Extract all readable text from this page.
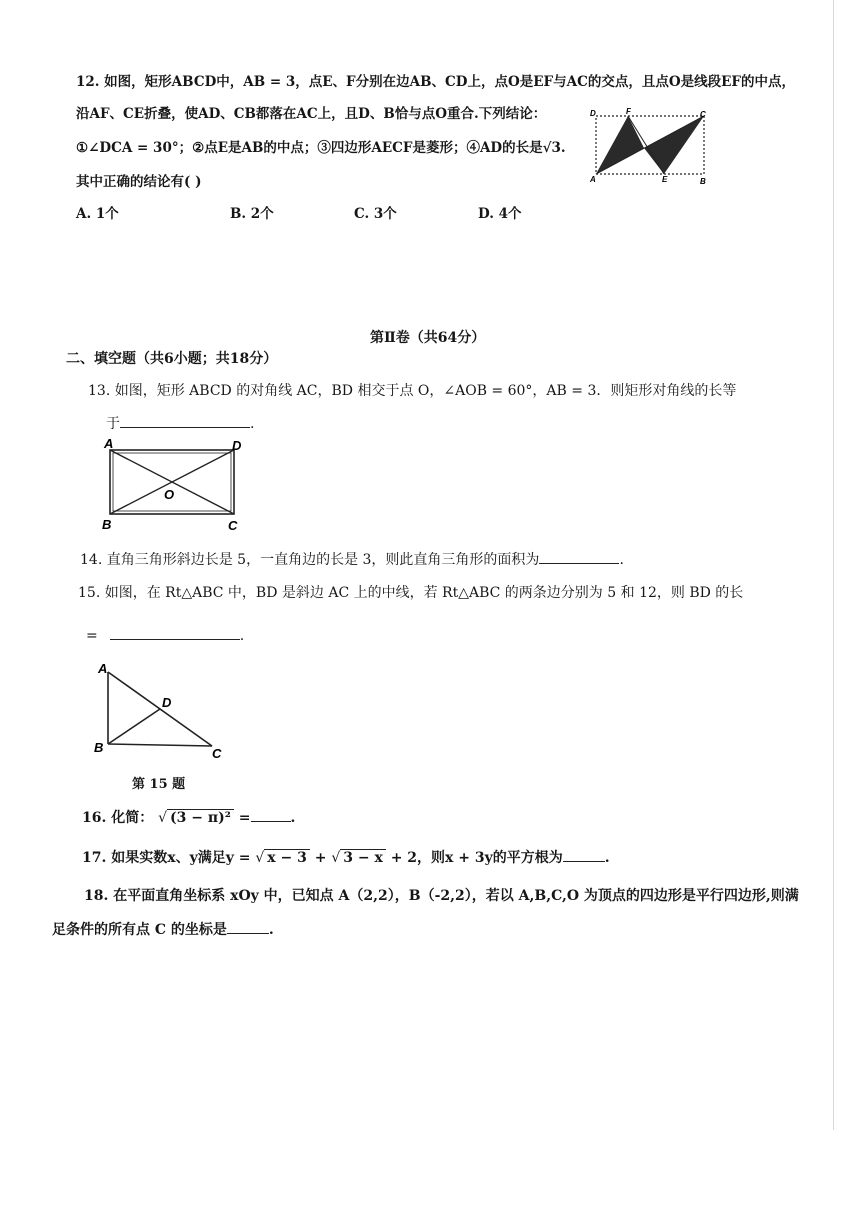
12. 如图，矩形ABCD中，AB = 3，点E、F分别在边AB、CD上，点O是EF与AC的交点，且点O是线段EF的中点，
沿AF、CE折叠，使AD、CB都落在AC上，且D、B恰与点O重合.下列结论：
①∠DCA = 30°；②点E是AB的中点；③四边形AECF是菱形；④AD的长是√3.
其中正确的结论有( )
A. 1个	B. 2个	C. 3个	D. 4个
D	F	C
O
A	E	B
第Ⅱ卷（共64分）
二、填空题（共6小题；共18分）
13. 如图，矩形 ABCD 的对角线 AC，BD 相交于点 O，∠AOB = 60°，AB = 3．则矩形对角线的长等
于	.
A	D
O
B	C
14. 直角三角形斜边长是 5，一直角边的长是 3，则此直角三角形的面积为	.
15. 如图，在 Rt△ABC 中，BD 是斜边 AC 上的中线，若 Rt△ABC 的两条边分别为 5 和 12，则 BD 的长
=	.
A
D
B	C
第 15 题
16. 化简： √ (3 − π)² =	.
17. 如果实数x、y满足y = √ x − 3 + √ 3 − x + 2，则x + 3y的平方根为	.
18. 在平面直角坐标系 xOy 中，已知点 A（2,2），B（-2,2），若以 A,B,C,O 为顶点的四边形是平行四边形,则满
足条件的所有点 C 的坐标是	.
